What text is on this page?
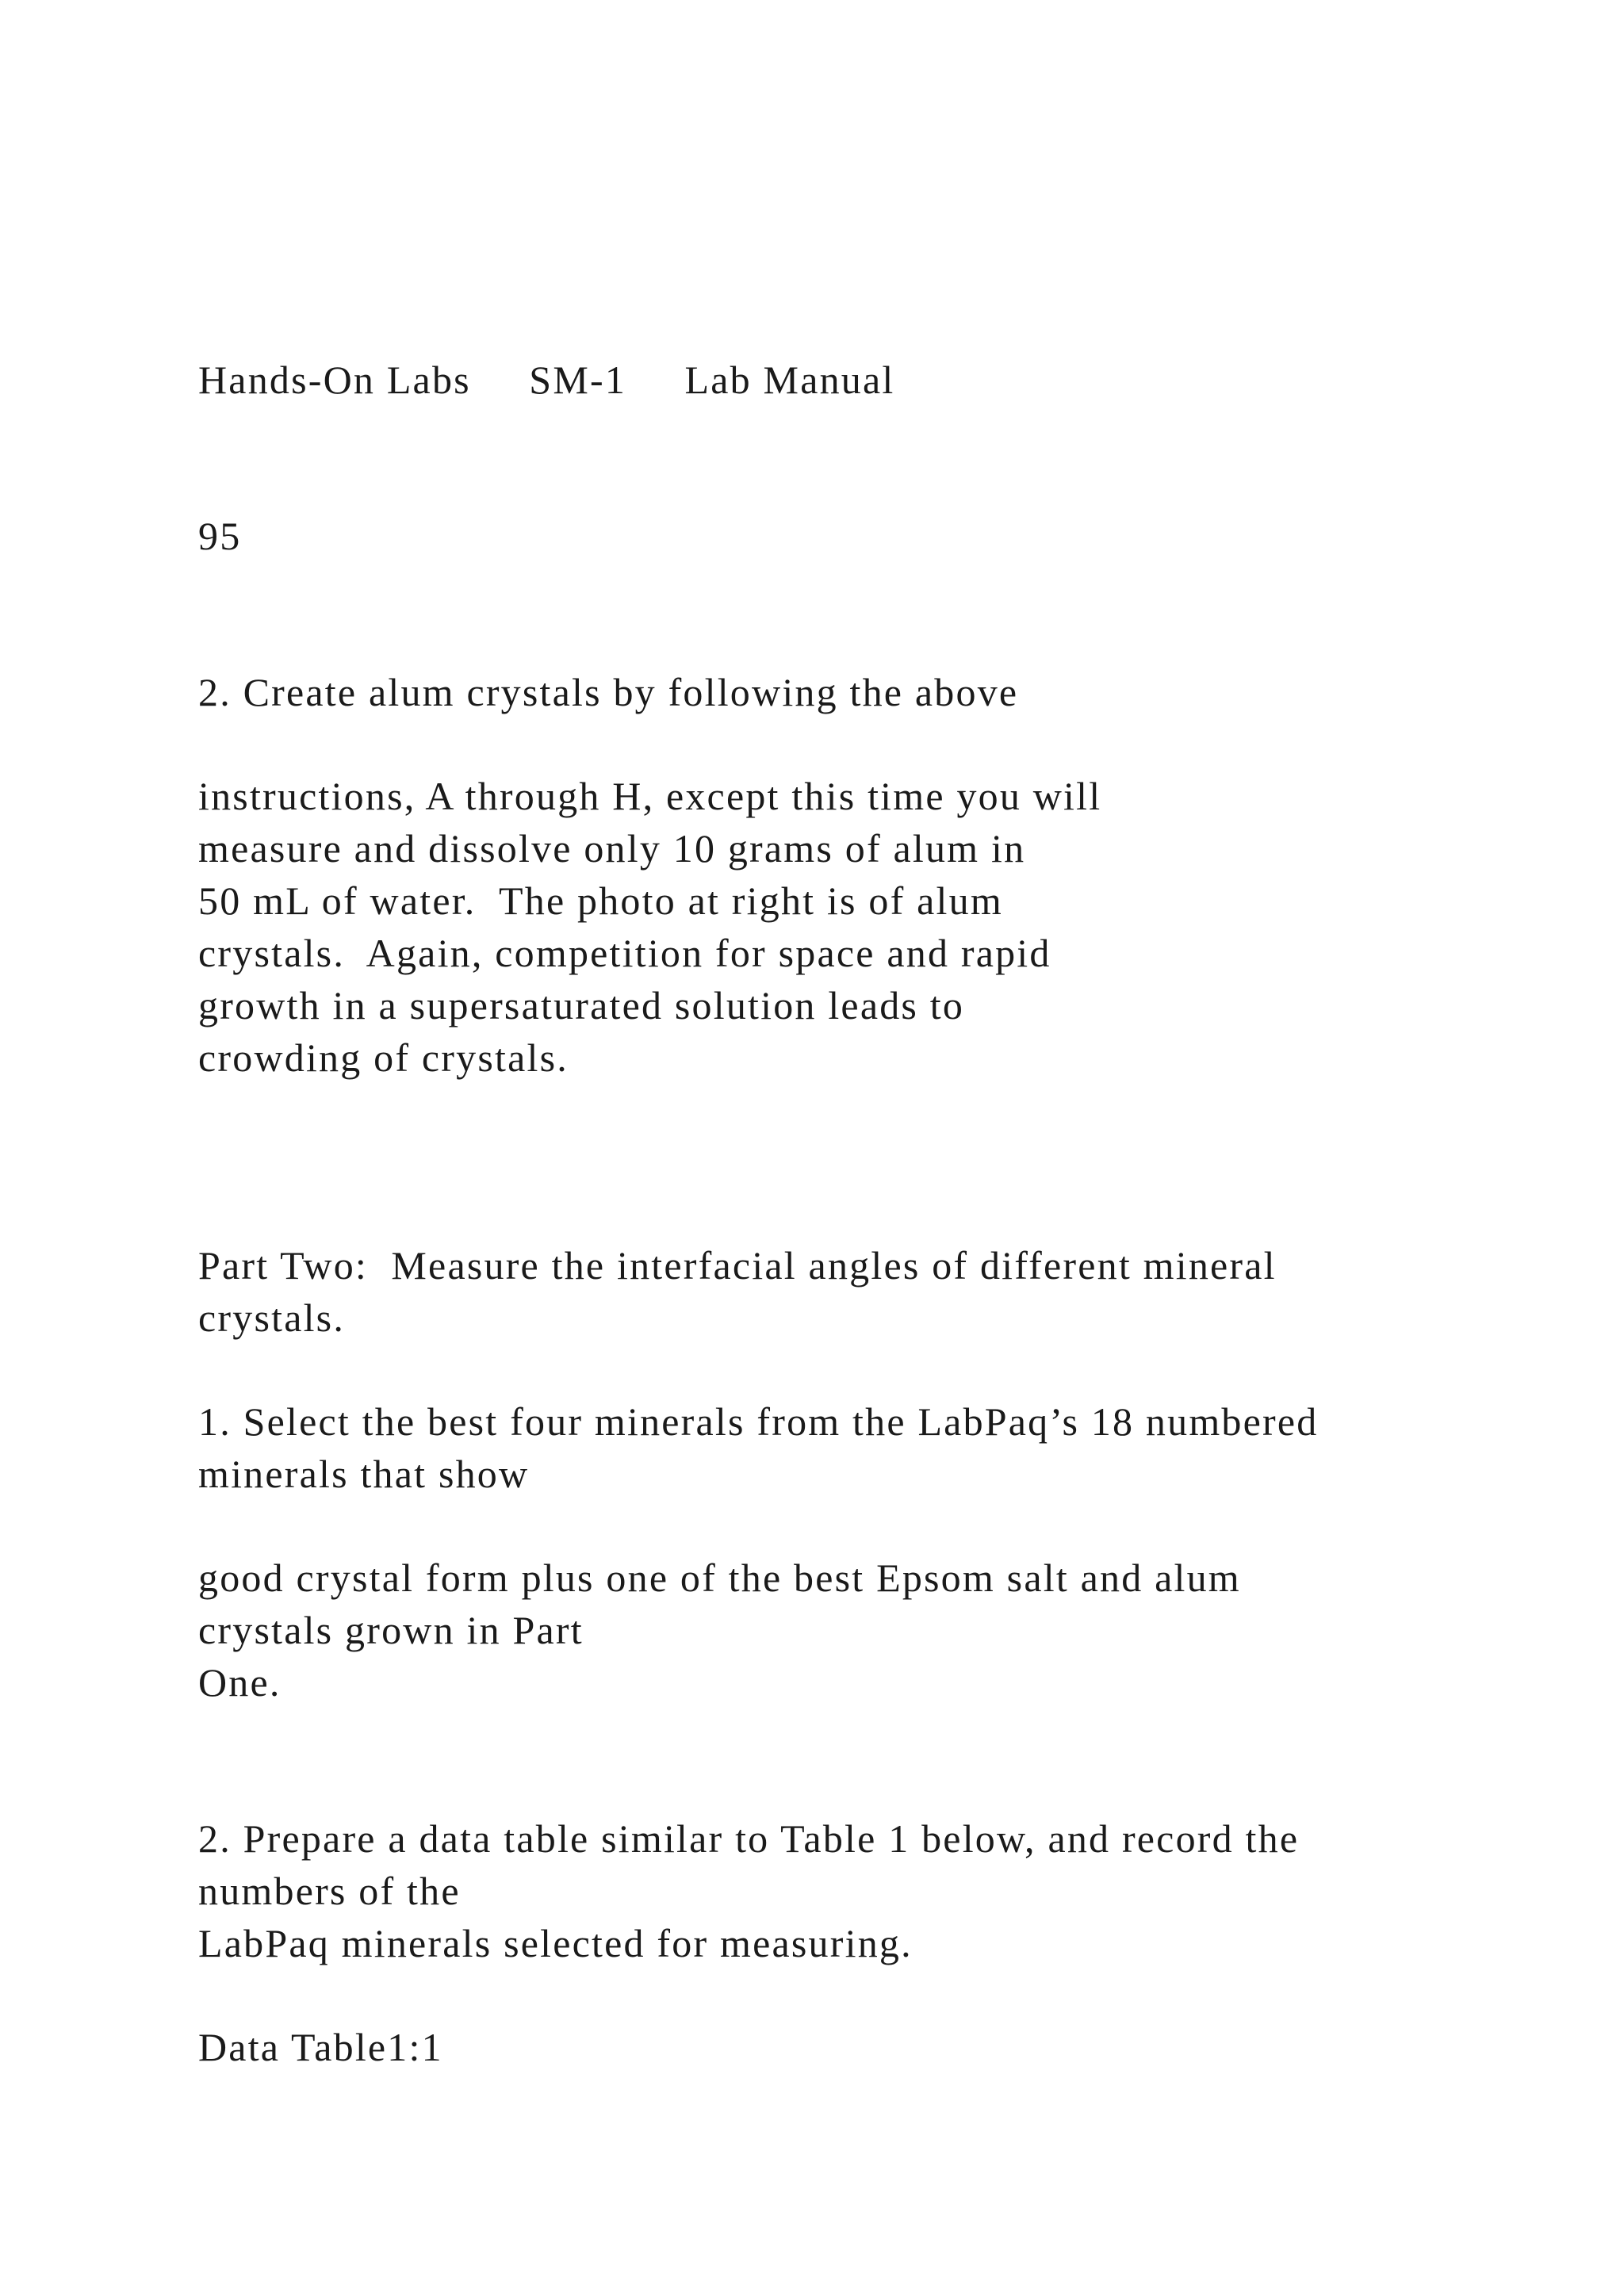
Hands-On Labs     SM-1     Lab Manual
95
2. Create alum crystals by following the above
instructions, A through H, except this time you will
measure and dissolve only 10 grams of alum in
50 mL of water.  The photo at right is of alum
crystals.  Again, competition for space and rapid
growth in a supersaturated solution leads to
crowding of crystals.
Part Two:  Measure the interfacial angles of different mineral
crystals.
1. Select the best four minerals from the LabPaq’s 18 numbered
minerals that show
good crystal form plus one of the best Epsom salt and alum
crystals grown in Part
One.
2. Prepare a data table similar to Table 1 below, and record the
numbers of the
LabPaq minerals selected for measuring.
Data Table1:1
